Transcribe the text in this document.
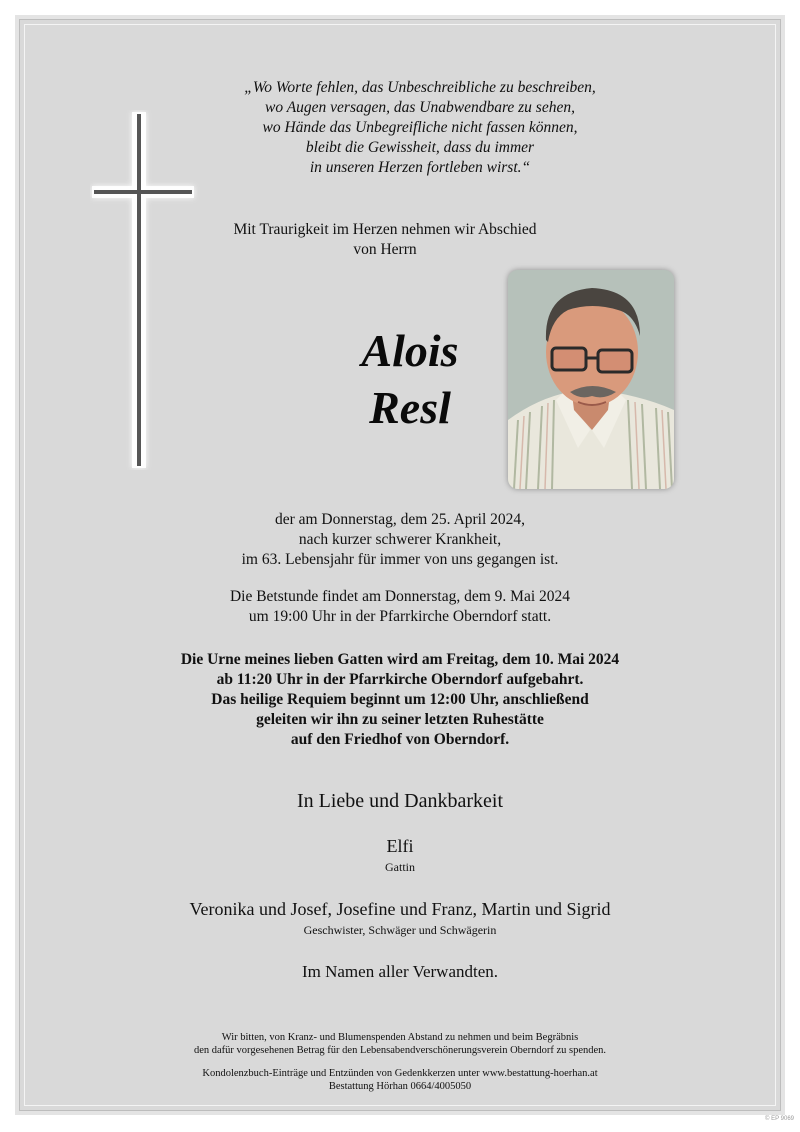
„Wo Worte fehlen, das Unbeschreibliche zu beschreiben,
wo Augen versagen, das Unabwendbare zu sehen,
wo Hände das Unbegreifliche nicht fassen können,
bleibt die Gewissheit, dass du immer
in unseren Herzen fortleben wirst.“
Mit Traurigkeit im Herzen nehmen wir Abschied
von Herrn
Alois
Resl
der am Donnerstag, dem 25. April 2024,
nach kurzer schwerer Krankheit,
im 63. Lebensjahr für immer von uns gegangen ist.
Die Betstunde findet am Donnerstag, dem 9. Mai 2024
um 19:00 Uhr in der Pfarrkirche Oberndorf statt.
Die Urne meines lieben Gatten wird am Freitag, dem 10. Mai 2024
ab 11:20 Uhr in der Pfarrkirche Oberndorf aufgebahrt.
Das heilige Requiem beginnt um 12:00 Uhr, anschließend
geleiten wir ihn zu seiner letzten Ruhestätte
auf den Friedhof von Oberndorf.
In Liebe und Dankbarkeit
Elfi
Gattin
Veronika und Josef, Josefine und Franz, Martin und Sigrid
Geschwister, Schwäger und Schwägerin
Im Namen aller Verwandten.
Wir bitten, von Kranz- und Blumenspenden Abstand zu nehmen und beim Begräbnis
den dafür vorgesehenen Betrag für den Lebensabendverschönerungsverein Oberndorf zu spenden.
Kondolenzbuch-Einträge und Entzünden von Gedenkkerzen unter www.bestattung-hoerhan.at
Bestattung Hörhan 0664/4005050
© EP 9069
